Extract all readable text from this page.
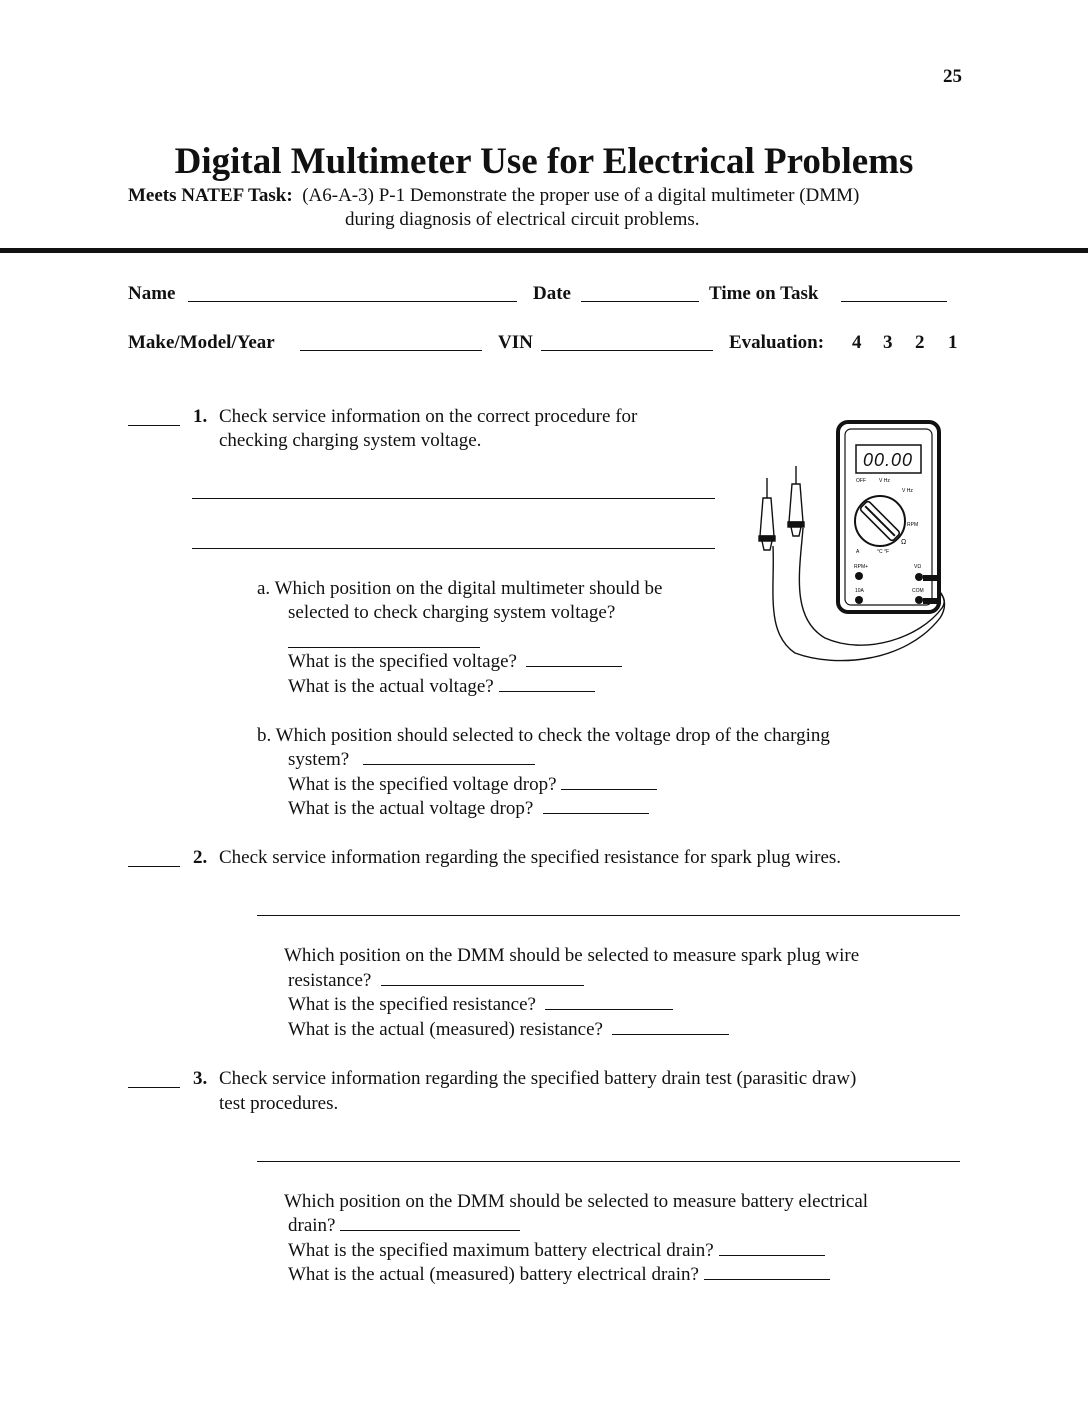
25
Digital Multimeter Use for Electrical Problems
Meets NATEF Task: (A6-A-3) P-1 Demonstrate the proper use of a digital multimeter (DMM)
during diagnosis of electrical circuit problems.
Name	Date	Time on Task
Make/Model/Year	VIN	Evaluation: 4 3 2 1
1. Check service information on the correct procedure for
checking charging system voltage.
a. Which position on the digital multimeter should be
selected to check charging system voltage?
What is the specified voltage?
What is the actual voltage?
b. Which position should selected to check the voltage drop of the charging
system?
What is the specified voltage drop?
What is the actual voltage drop?
2. Check service information regarding the specified resistance for spark plug wires.
Which position on the DMM should be selected to measure spark plug wire
resistance?
What is the specified resistance?
What is the actual (measured) resistance?
3. Check service information regarding the specified battery drain test (parasitic draw)
test procedures.
Which position on the DMM should be selected to measure battery electrical
drain?
What is the specified maximum battery electrical drain?
What is the actual (measured) battery electrical drain?
00.00
OFF	V Hz
V Hz
RPM
Ω
°C °F
A
RPM+
10A
VΩ
COM
